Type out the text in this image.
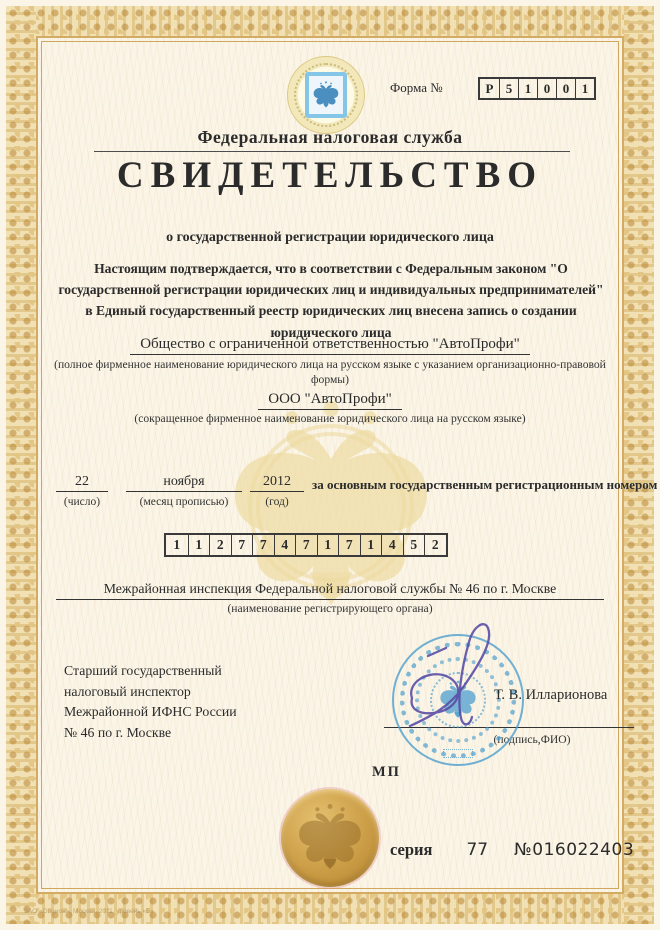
Форма №	Р 5 1 0 0 1
Федеральная налоговая служба
СВИДЕТЕЛЬСТВО
о государственной регистрации юридического лица
Настоящим подтверждается, что в соответствии с Федеральным законом "О государственной регистрации юридических лиц и индивидуальных предпринимателей" в Единый государственный реестр юридических лиц внесена запись о создании юридического лица
Общество с ограниченной ответственностью "АвтоПрофи"
(полное фирменное наименование юридического лица на русском языке с указанием организационно-правовой формы)
ООО "АвтоПрофи"
(сокращенное фирменное наименование юридического лица на русском языке)
22
(число)
ноября
(месяц прописью)
2012
(год)
за основным государственным регистрационным номером
1	1	2	7	7	4	7	1	7	1	4	5	2
Межрайонная инспекция Федеральной налоговой службы № 46 по г. Москве
(наименование регистрирующего органа)
Старший государственный
налоговый инспектор
Межрайонной ИФНС России
№ 46 по г. Москве
Т. В. Илларионова
(подпись,ФИО)
МП
серия 77 №016022403
ЗАО «Опцион», Москва, 2011, уровень «Б»
